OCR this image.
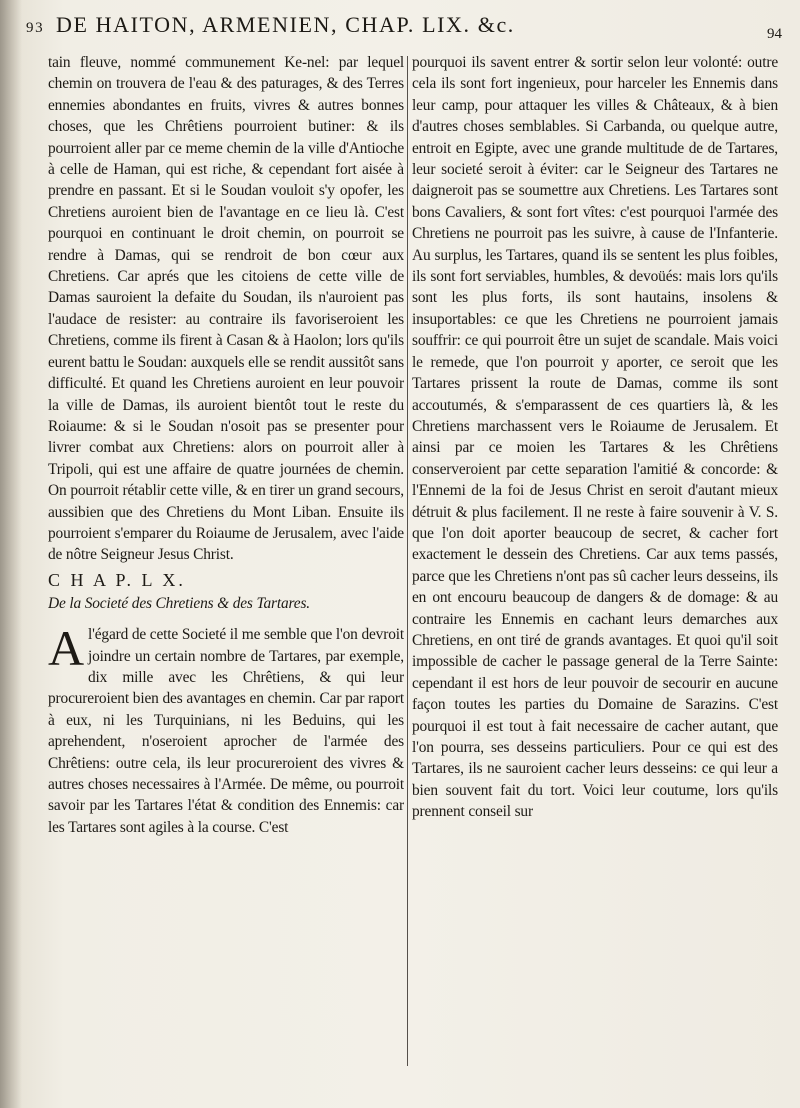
93 DE HAITON, ARMENIEN, CHAP. LIX. &c.	94

tain fleuve, nommé communement Ke-nel: par lequel chemin on trouvera de l'eau & des paturages, & des Terres ennemies abondantes en fruits, vivres & autres bonnes choses, que les Chrêtiens pourroient butiner: & ils pourroient aller par ce meme chemin de la ville d'Antioche à celle de Haman, qui est riche, & cependant fort aisée à prendre en passant. Et si le Soudan vouloit s'y opofer, les Chretiens auroient bien de l'avantage en ce lieu là. C'est pourquoi en continuant le droit chemin, on pourroit se rendre à Damas, qui se rendroit de bon cœur aux Chretiens. Car aprés que les citoiens de cette ville de Damas sauroient la defaite du Soudan, ils n'auroient pas l'audace de resister: au contraire ils favoriseroient les Chretiens, comme ils firent à Casan & à Haolon; lors qu'ils eurent battu le Soudan: auxquels elle se rendit aussitôt sans difficulté. Et quand les Chretiens auroient en leur pouvoir la ville de Damas, ils auroient bientôt tout le reste du Roiaume: & si le Soudan n'osoit pas se presenter pour livrer combat aux Chretiens: alors on pourroit aller à Tripoli, qui est une affaire de quatre journées de chemin. On pourroit rétablir cette ville, & en tirer un grand secours, aussibien que des Chretiens du Mont Liban. Ensuite ils pourroient s'emparer du Roiaume de Jerusalem, avec l'aide de nôtre Seigneur Jesus Christ.

C H A P. L X.

De la Societé des Chretiens & des Tartares.

Al'égard de cette Societé il me semble que l'on devroit joindre un certain nombre de Tartares, par exemple, dix mille avec les Chrêtiens, & qui leur procureroient bien des avantages en chemin. Car par raport à eux, ni les Turquinians, ni les Beduins, qui les aprehendent, n'oseroient aprocher de l'armée des Chrêtiens: outre cela, ils leur procureroient des vivres & autres choses necessaires à l'Armée. De même, ou pourroit savoir par les Tartares l'état & condition des Ennemis: car les Tartares sont agiles à la course. C'est

pourquoi ils savent entrer & sortir selon leur volonté: outre cela ils sont fort ingenieux, pour harceler les Ennemis dans leur camp, pour attaquer les villes & Châteaux, & à bien d'autres choses semblables. Si Carbanda, ou quelque autre, entroit en Egipte, avec une grande multitude de de Tartares, leur societé seroit à éviter: car le Seigneur des Tartares ne daigneroit pas se soumettre aux Chretiens. Les Tartares sont bons Cavaliers, & sont fort vîtes: c'est pourquoi l'armée des Chretiens ne pourroit pas les suivre, à cause de l'Infanterie. Au surplus, les Tartares, quand ils se sentent les plus foibles, ils sont fort serviables, humbles, & devoüés: mais lors qu'ils sont les plus forts, ils sont hautains, insolens & insuportables: ce que les Chretiens ne pourroient jamais souffrir: ce qui pourroit être un sujet de scandale. Mais voici le remede, que l'on pourroit y aporter, ce seroit que les Tartares prissent la route de Damas, comme ils sont accoutumés, & s'emparassent de ces quartiers là, & les Chretiens marchassent vers le Roiaume de Jerusalem. Et ainsi par ce moien les Tartares & les Chrêtiens conserveroient par cette separation l'amitié & concorde: & l'Ennemi de la foi de Jesus Christ en seroit d'autant mieux détruit & plus facilement. Il ne reste à faire souvenir à V. S. que l'on doit aporter beaucoup de secret, & cacher fort exactement le dessein des Chretiens. Car aux tems passés, parce que les Chretiens n'ont pas sû cacher leurs desseins, ils en ont encouru beaucoup de dangers & de domage: & au contraire les Ennemis en cachant leurs demarches aux Chretiens, en ont tiré de grands avantages. Et quoi qu'il soit impossible de cacher le passage general de la Terre Sainte: cependant il est hors de leur pouvoir de secourir en aucune façon toutes les parties du Domaine de Sarazins. C'est pourquoi il est tout à fait necessaire de cacher autant, que l'on pourra, ses desseins particuliers. Pour ce qui est des Tartares, ils ne sauroient cacher leurs desseins: ce qui leur a bien souvent fait du tort. Voici leur coutume, lors qu'ils prennent conseil sur
